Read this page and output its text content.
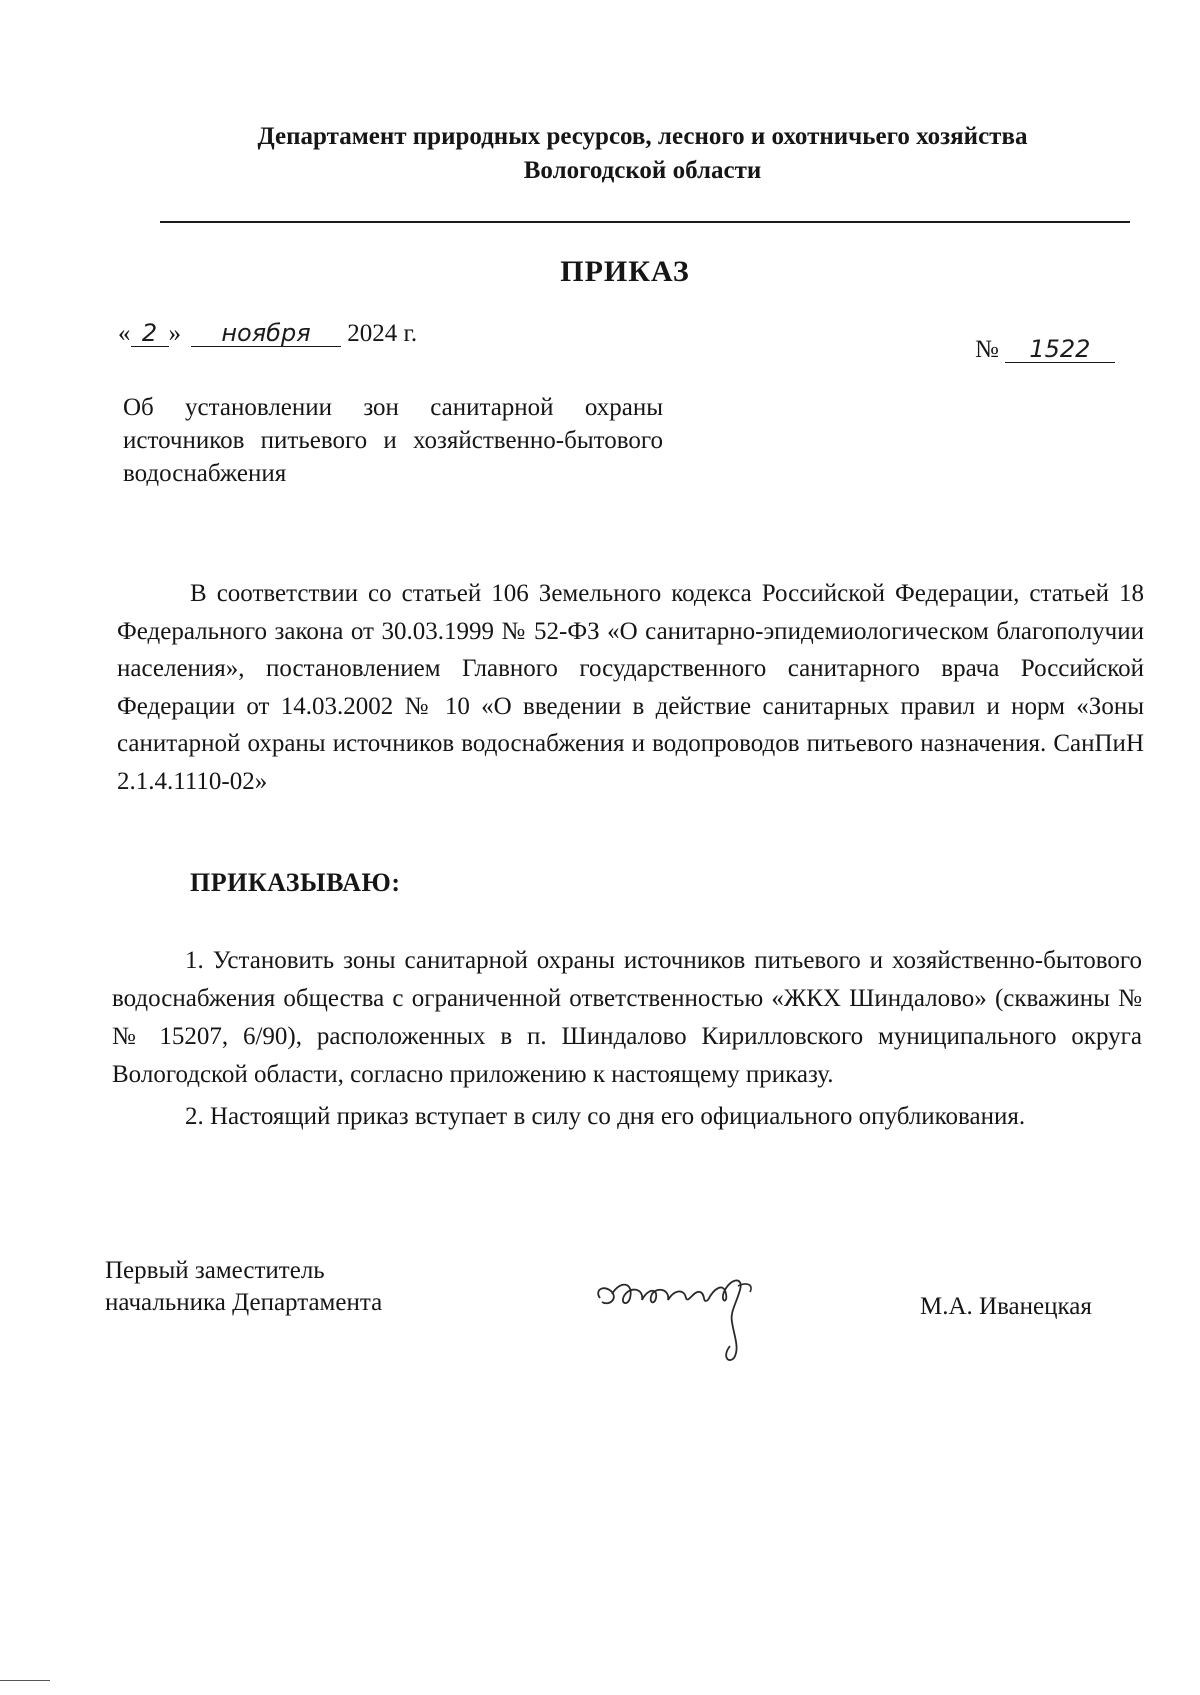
Департамент природных ресурсов, лесного и охотничьего хозяйства
Вологодской области
ПРИКАЗ
« 2 » ноября 2024 г.
№ 1522
Об установлении зон санитарной охраны источников питьевого и хозяйственно-бытового водоснабжения
В соответствии со статьей 106 Земельного кодекса Российской Федерации, статьей 18 Федерального закона от 30.03.1999 № 52-ФЗ «О санитарно-эпидемиологическом благополучии населения», постановлением Главного государственного санитарного врача Российской Федерации от 14.03.2002 № 10 «О введении в действие санитарных правил и норм «Зоны санитарной охраны источников водоснабжения и водопроводов питьевого назначения. СанПиН 2.1.4.1110-02»
ПРИКАЗЫВАЮ:

1. Установить зоны санитарной охраны источников питьевого и хозяйственно-бытового водоснабжения общества с ограниченной ответственностью «ЖКХ Шиндалово» (скважины №№ 15207, 6/90), расположенных в п. Шиндалово Кирилловского муниципального округа Вологодской области, согласно приложению к настоящему приказу.

2. Настоящий приказ вступает в силу со дня его официального опубликования.

Первый заместитель
начальника Департамента	М.А. Иванецкая
